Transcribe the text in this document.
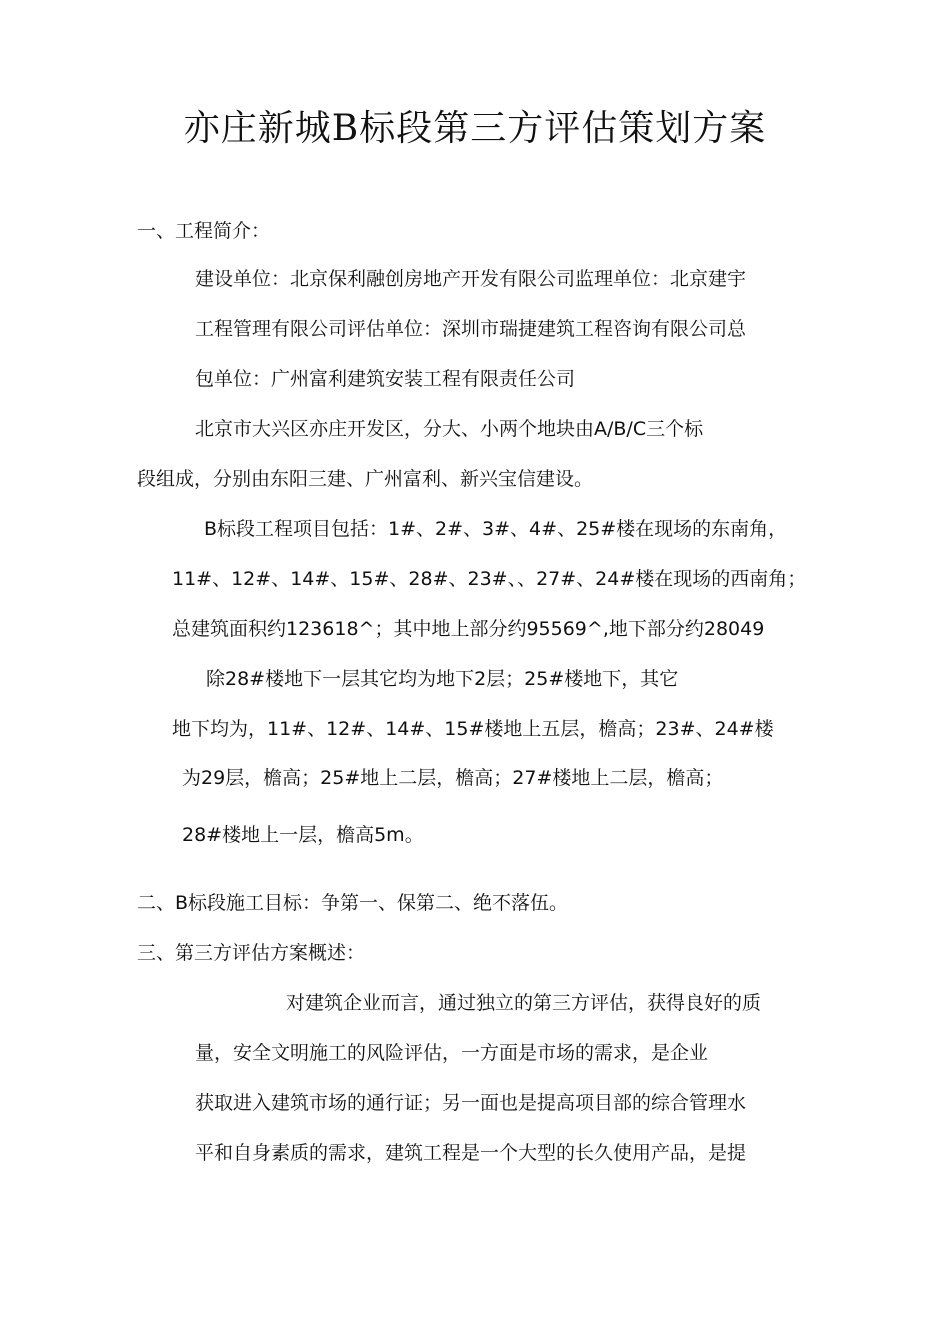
亦庄新城B标段第三方评估策划方案

一、工程简介：

建设单位：北京保利融创房地产开发有限公司监理单位：北京建宇

工程管理有限公司评估单位：深圳市瑞捷建筑工程咨询有限公司总

包单位：广州富利建筑安装工程有限责任公司

北京市大兴区亦庄开发区，分大、小两个地块由A/B/C三个标

段组成，分别由东阳三建、广州富利、新兴宝信建设。

B标段工程项目包括：1#、2#、3#、4#、25#楼在现场的东南角，

11#、12#、14#、15#、28#、23#、、27#、24#楼在现场的西南角；

总建筑面积约123618^；其中地上部分约95569^,地下部分约28049

除28#楼地下一层其它均为地下2层；25#楼地下，其它

地下均为，11#、12#、14#、15#楼地上五层，檐高；23#、24#楼

为29层，檐高；25#地上二层，檐高；27#楼地上二层，檐高；

28#楼地上一层，檐高5m。

二、B标段施工目标：争第一、保第二、绝不落伍。

三、第三方评估方案概述：

对建筑企业而言，通过独立的第三方评估，获得良好的质

量，安全文明施工的风险评估，一方面是市场的需求，是企业

获取进入建筑市场的通行证；另一面也是提高项目部的综合管理水

平和自身素质的需求，建筑工程是一个大型的长久使用产品，是提
